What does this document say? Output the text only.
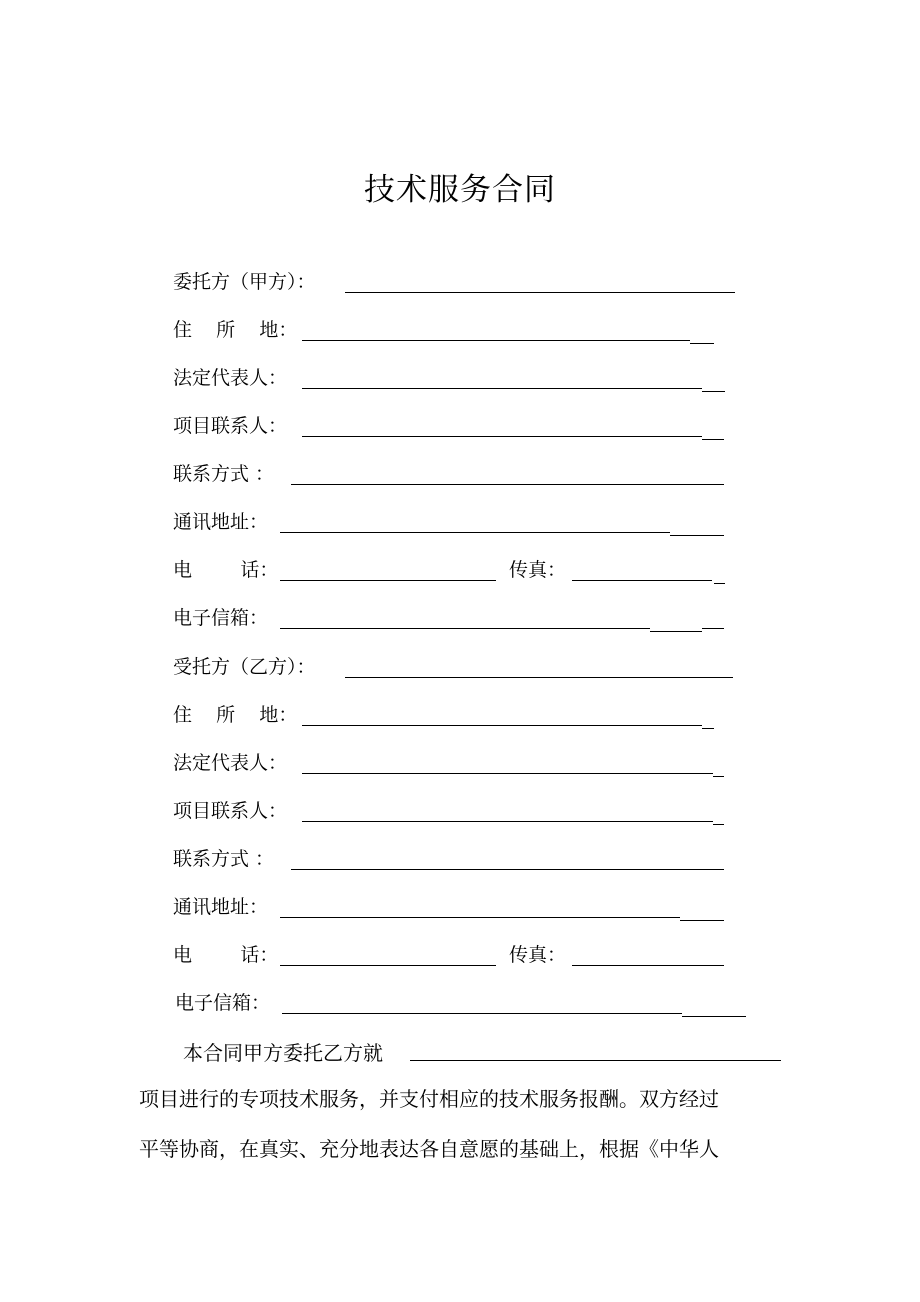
技术服务合同
委托方（甲方）：
住    所    地：
法定代表人：
项目联系人：
联系方式 ：
通讯地址：
电        话：	传真：
电子信箱：
受托方（乙方）：
住    所    地：
法定代表人：
项目联系人：
联系方式 ：
通讯地址：
电        话：	传真：
电子信箱：
本合同甲方委托乙方就
项目进行的专项技术服务，并支付相应的技术服务报酬。双方经过
平等协商，在真实、充分地表达各自意愿的基础上，根据《中华人
